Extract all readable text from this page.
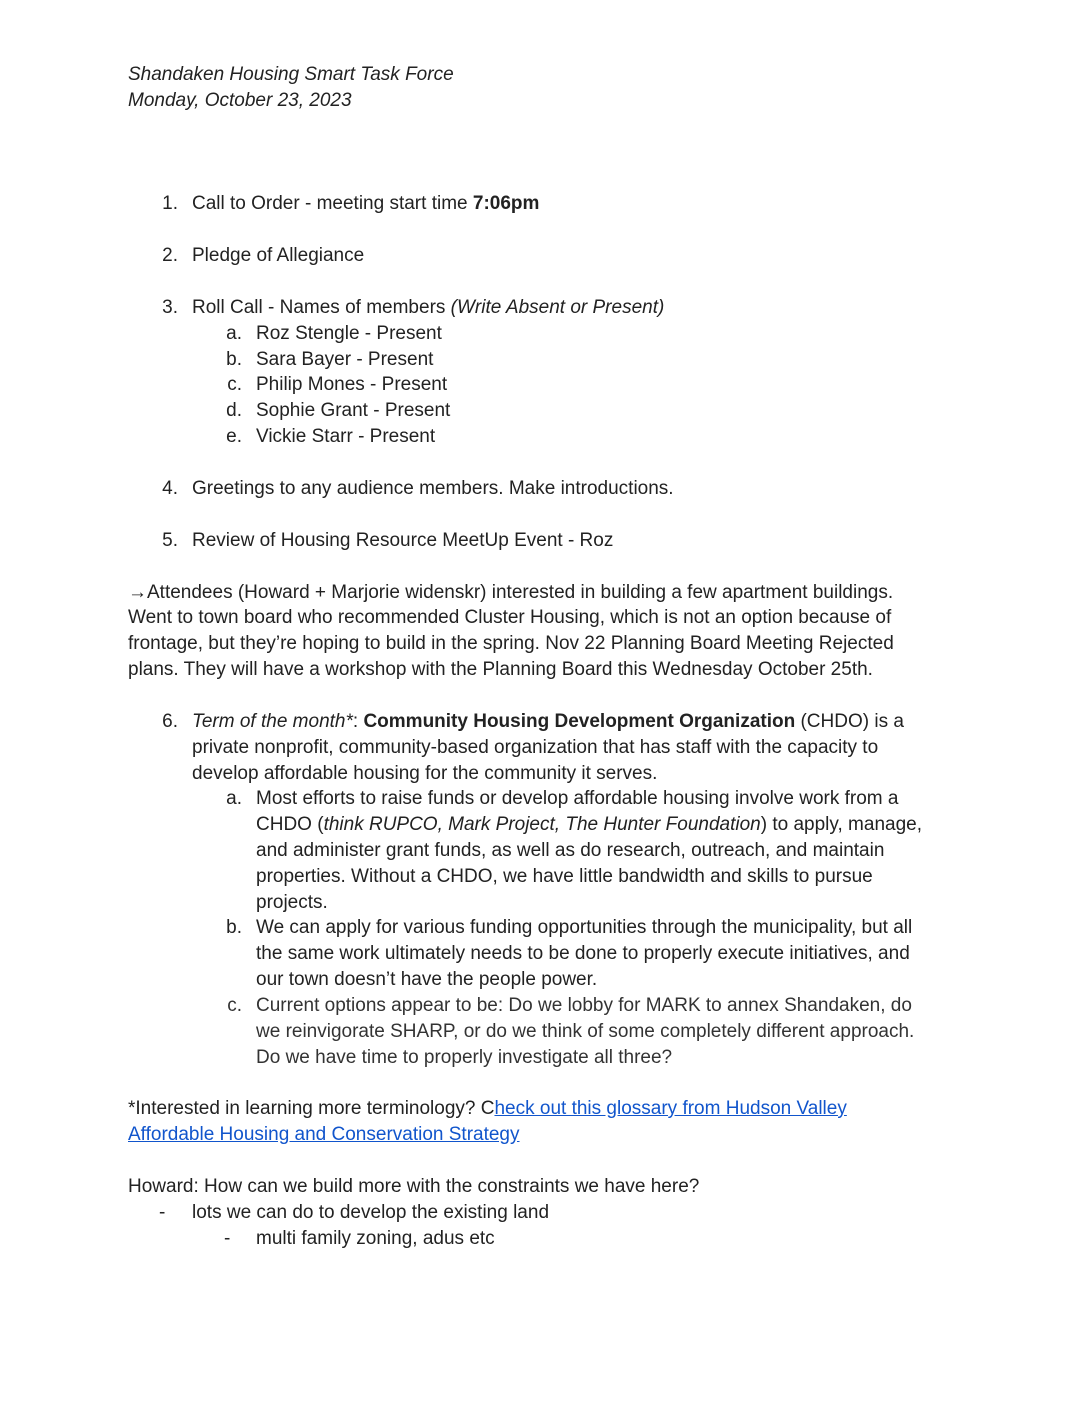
Shandaken Housing Smart Task Force
Monday, October 23, 2023
1. Call to Order - meeting start time 7:06pm
2. Pledge of Allegiance
3. Roll Call - Names of members (Write Absent or Present)
a. Roz Stengle - Present
b. Sara Bayer - Present
c. Philip Mones - Present
d. Sophie Grant - Present
e. Vickie Starr - Present
4. Greetings to any audience members. Make introductions.
5. Review of Housing Resource MeetUp Event - Roz
→Attendees (Howard + Marjorie widenskr) interested in building a few apartment buildings.
Went to town board who recommended Cluster Housing, which is not an option because of
frontage, but they’re hoping to build in the spring. Nov 22 Planning Board Meeting Rejected
plans. They will have a workshop with the Planning Board this Wednesday October 25th.
6. Term of the month*: Community Housing Development Organization (CHDO) is a
private nonprofit, community-based organization that has staff with the capacity to
develop affordable housing for the community it serves.
a. Most efforts to raise funds or develop affordable housing involve work from a
CHDO (think RUPCO, Mark Project, The Hunter Foundation) to apply, manage,
and administer grant funds, as well as do research, outreach, and maintain
properties. Without a CHDO, we have little bandwidth and skills to pursue
projects.
b. We can apply for various funding opportunities through the municipality, but all
the same work ultimately needs to be done to properly execute initiatives, and
our town doesn’t have the people power.
c. Current options appear to be: Do we lobby for MARK to annex Shandaken, do
we reinvigorate SHARP, or do we think of some completely different approach.
Do we have time to properly investigate all three?
*Interested in learning more terminology? Check out this glossary from Hudson Valley
Affordable Housing and Conservation Strategy
Howard: How can we build more with the constraints we have here?
- lots we can do to develop the existing land
- multi family zoning, adus etc
